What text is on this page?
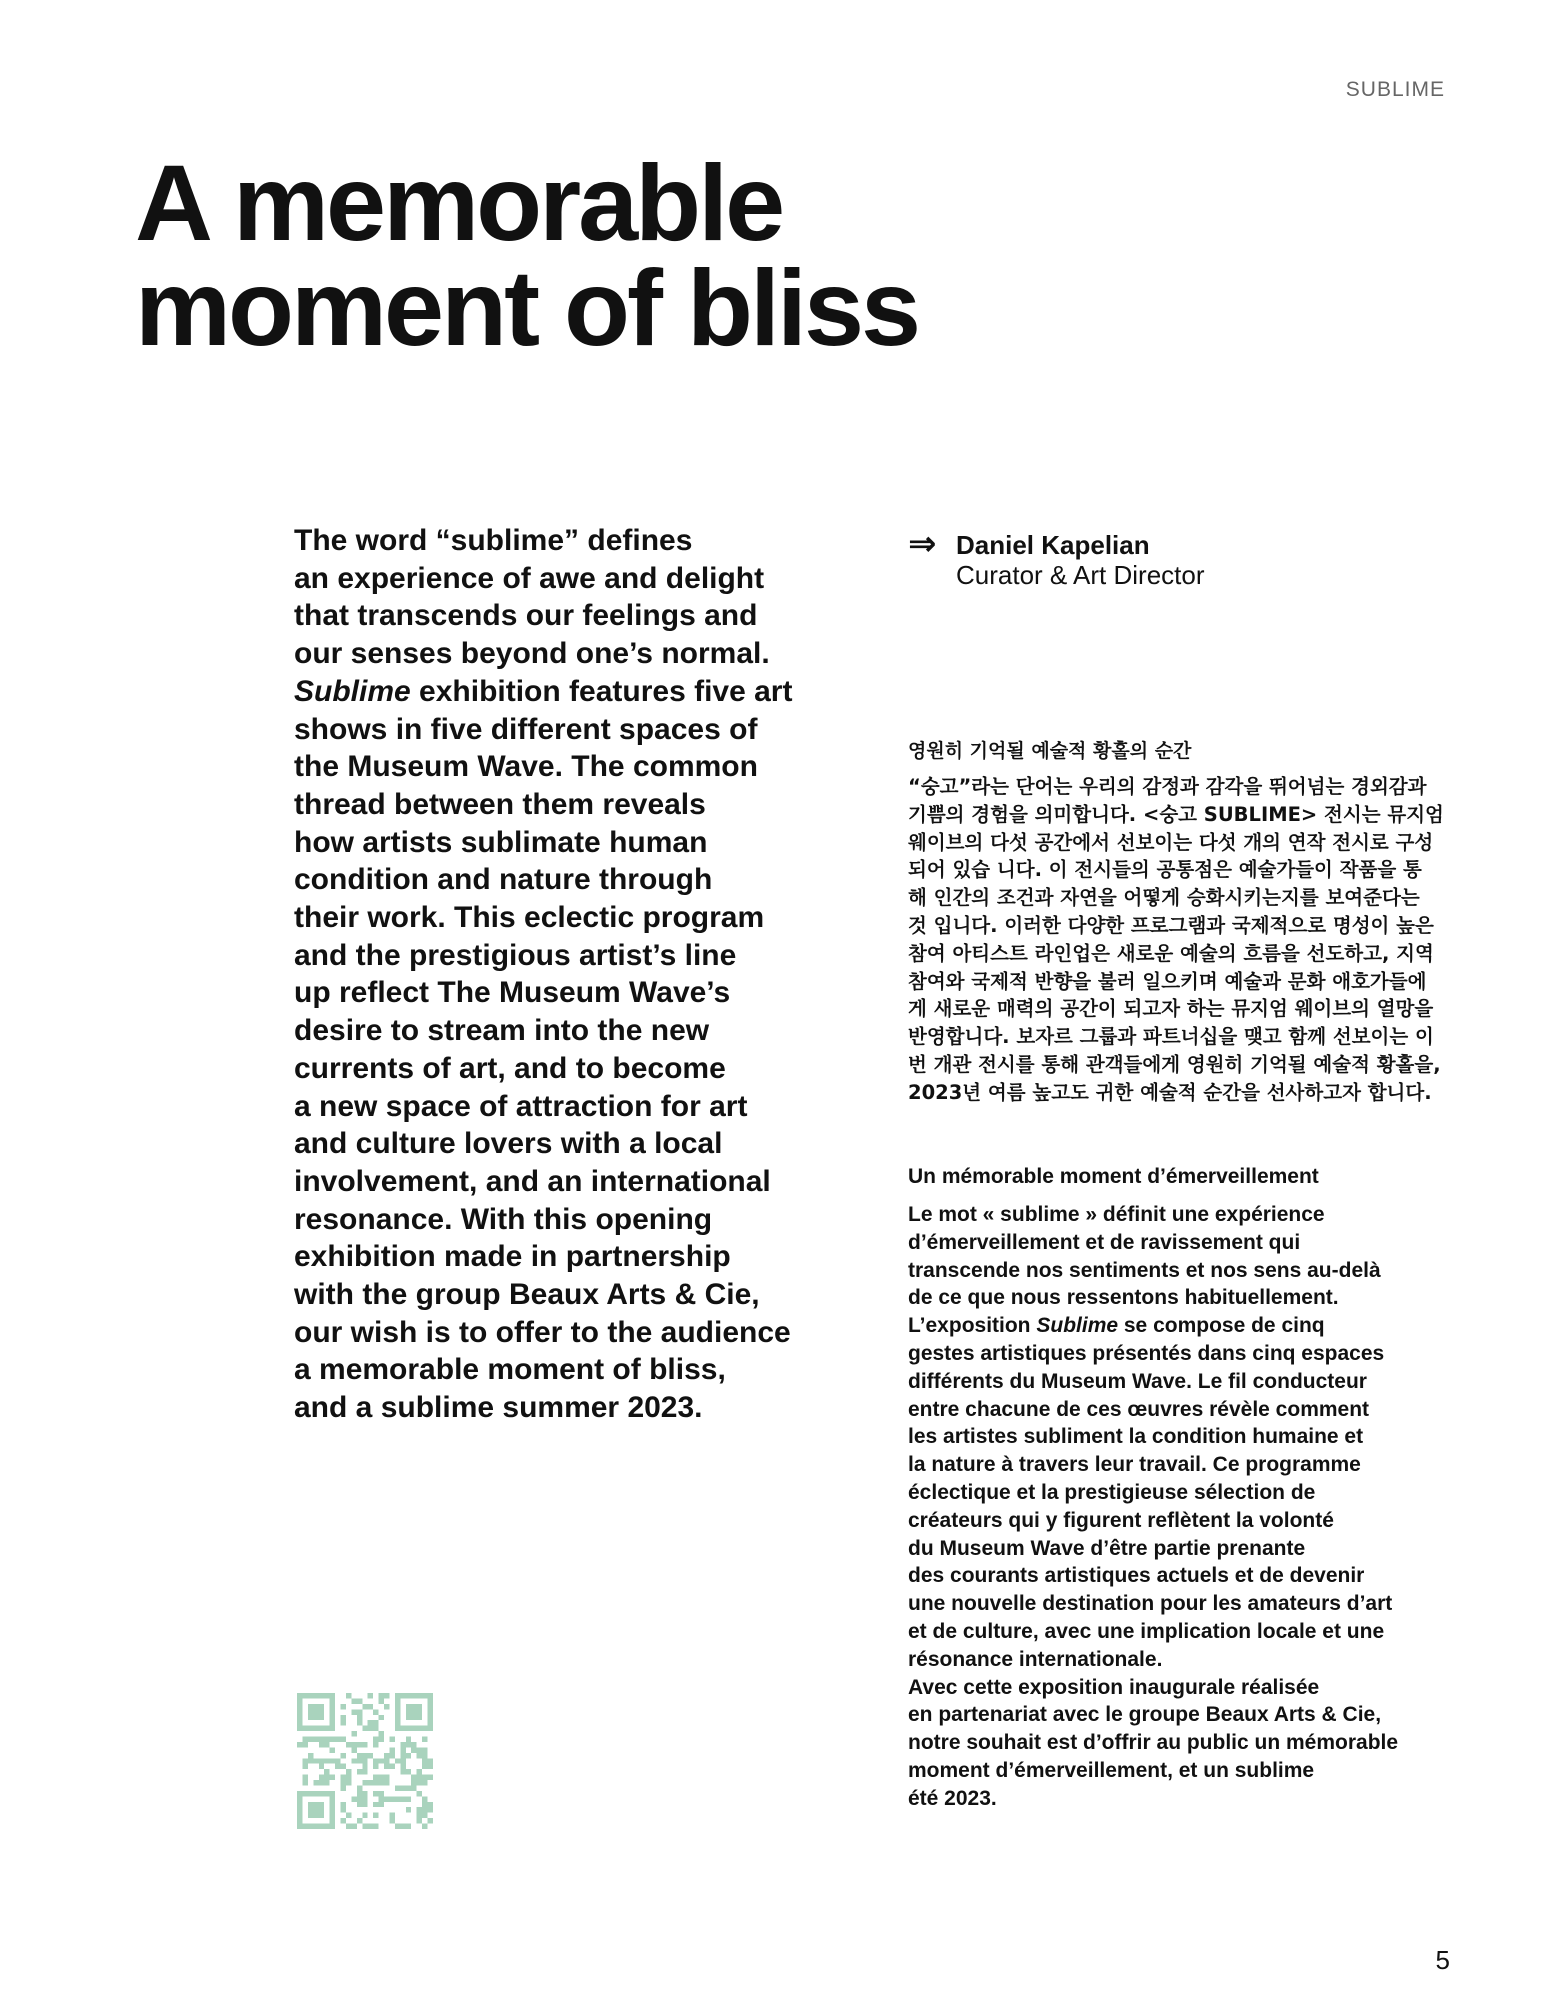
SUBLIME
A memorable
moment of bliss

The word “sublime” defines
an experience of awe and delight
that transcends our feelings and
our senses beyond one’s normal.
Sublime exhibition features five art
shows in five different spaces of
the Museum Wave. The common
thread between them reveals
how artists sublimate human
condition and nature through
their work. This eclectic program
and the prestigious artist’s line
up reflect The Museum Wave’s
desire to stream into the new
currents of art, and to become
a new space of attraction for art
and culture lovers with a local
involvement, and an international
resonance. With this opening
exhibition made in partnership
with the group Beaux Arts & Cie,
our wish is to offer to the audience
a memorable moment of bliss,
and a sublime summer 2023.

⇒ Daniel Kapelian
Curator & Art Director

영원히 기억될 예술적 황홀의 순간

“숭고”라는 단어는 우리의 감정과 감각을 뛰어넘는 경외감과
기쁨의 경험을 의미합니다. <숭고 SUBLIME> 전시는 뮤지엄
웨이브의 다섯 공간에서 선보이는 다섯 개의 연작 전시로 구성
되어 있습 니다. 이 전시들의 공통점은 예술가들이 작품을 통
해 인간의 조건과 자연을 어떻게 승화시키는지를 보여준다는
것 입니다. 이러한 다양한 프로그램과 국제적으로 명성이 높은
참여 아티스트 라인업은 새로운 예술의 흐름을 선도하고, 지역
참여와 국제적 반향을 불러 일으키며 예술과 문화 애호가들에
게 새로운 매력의 공간이 되고자 하는 뮤지엄 웨이브의 열망을
반영합니다. 보자르 그룹과 파트너십을 맺고 함께 선보이는 이
번 개관 전시를 통해 관객들에게 영원히 기억될 예술적 황홀을,
2023년 여름 높고도 귀한 예술적 순간을 선사하고자 합니다.

Un mémorable moment d’émerveillement

Le mot « sublime » définit une expérience
d’émerveillement et de ravissement qui
transcende nos sentiments et nos sens au-delà
de ce que nous ressentons habituellement.
L’exposition Sublime se compose de cinq
gestes artistiques présentés dans cinq espaces
différents du Museum Wave. Le fil conducteur
entre chacune de ces œuvres révèle comment
les artistes subliment la condition humaine et
la nature à travers leur travail. Ce programme
éclectique et la prestigieuse sélection de
créateurs qui y figurent reflètent la volonté
du Museum Wave d’être partie prenante
des courants artistiques actuels et de devenir
une nouvelle destination pour les amateurs d’art
et de culture, avec une implication locale et une
résonance internationale.
Avec cette exposition inaugurale réalisée
en partenariat avec le groupe Beaux Arts & Cie,
notre souhait est d’offrir au public un mémorable
moment d’émerveillement, et un sublime
été 2023.

5
